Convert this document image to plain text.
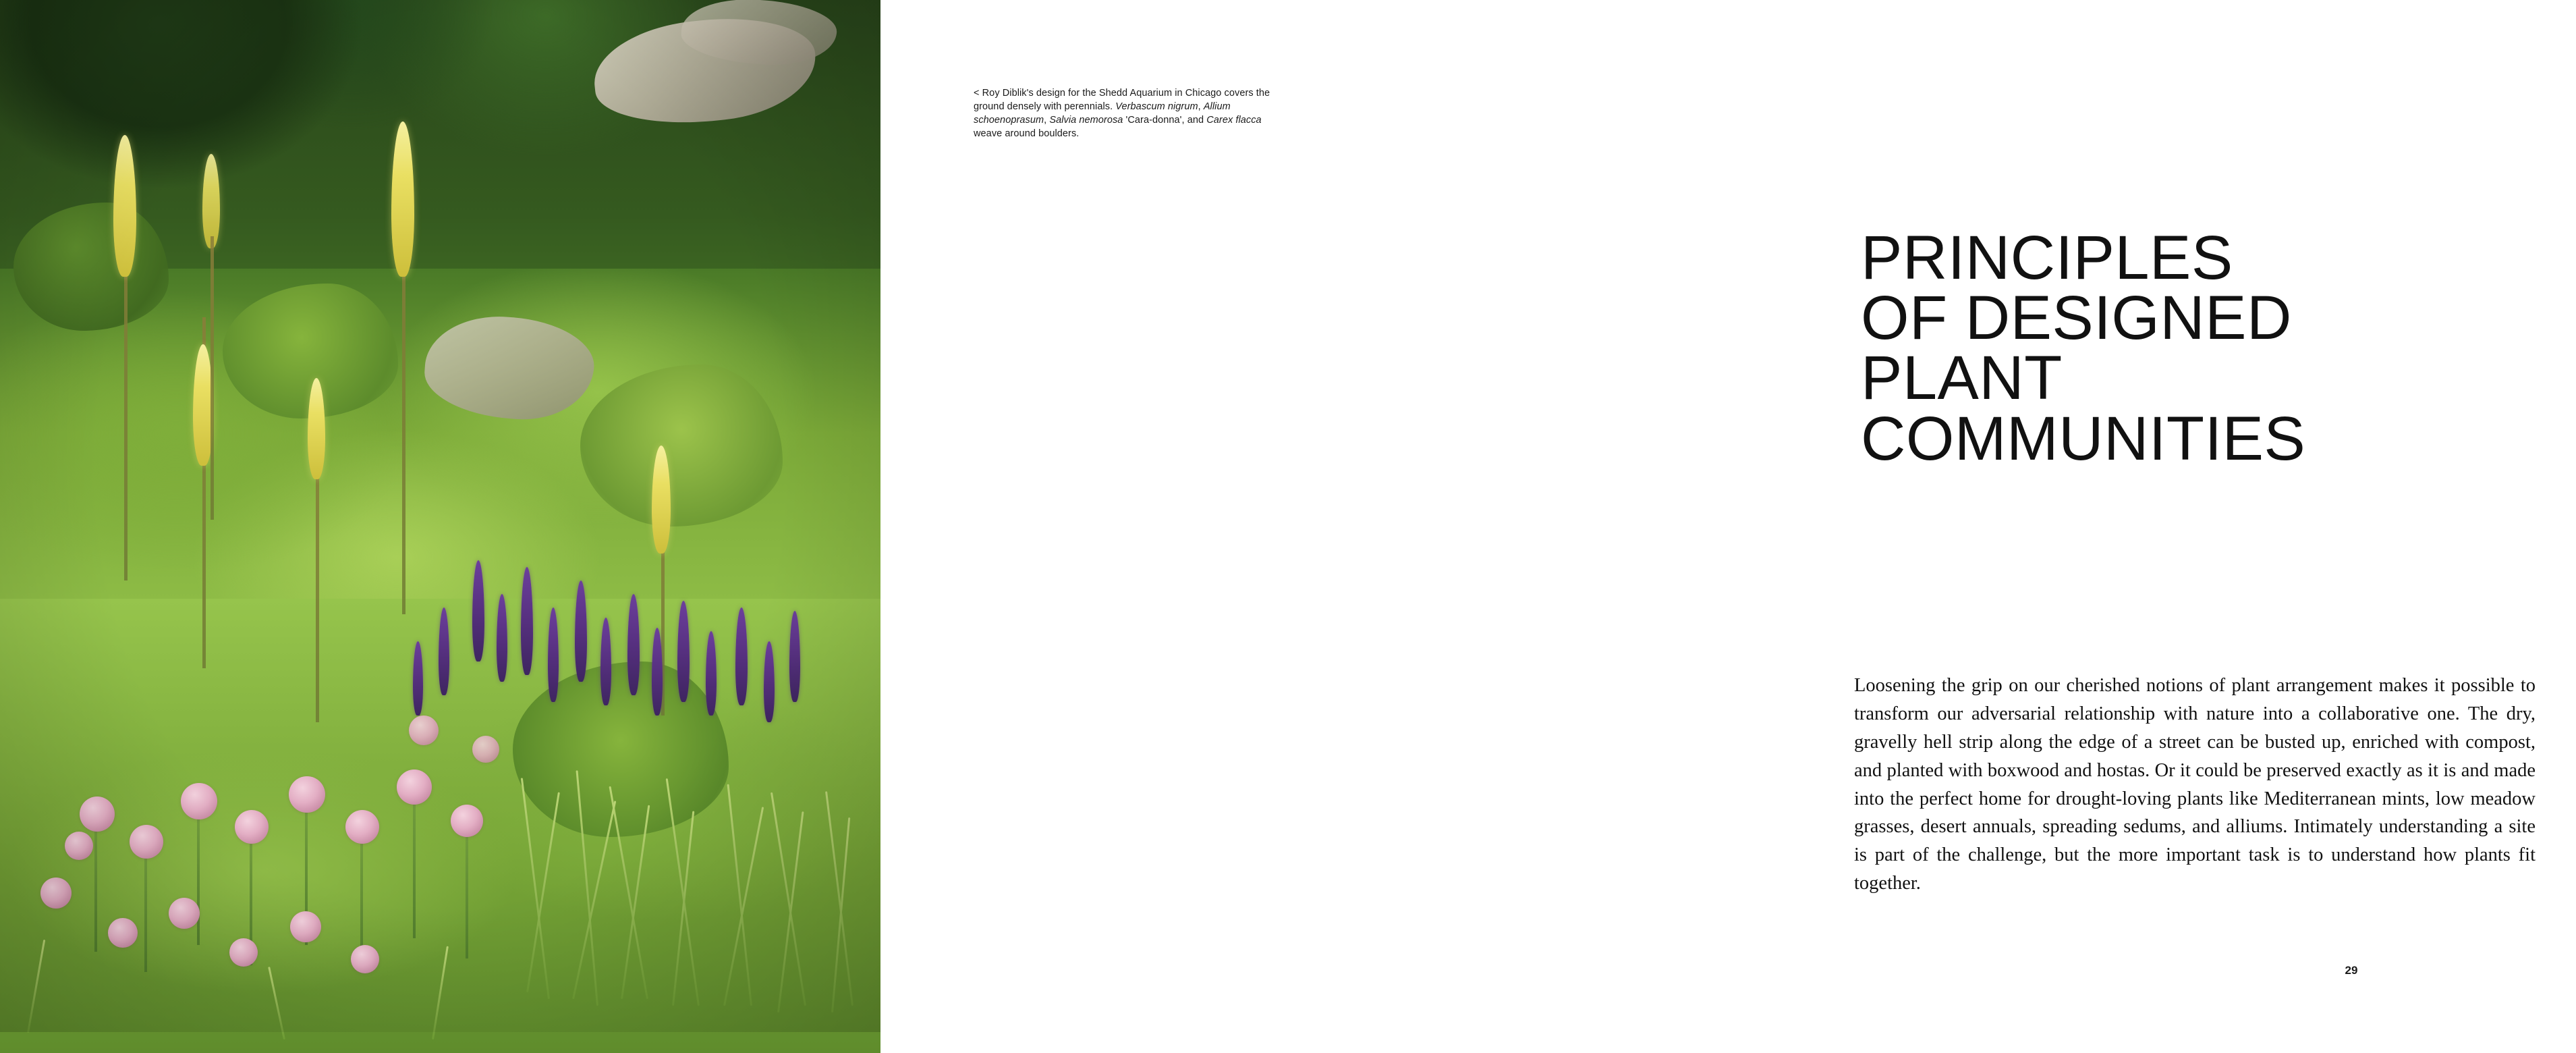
< Roy Diblik's design for the Shedd Aquarium in Chicago covers the ground densely with perennials. Verbascum nigrum, Allium schoenoprasum, Salvia nemorosa 'Cara-donna', and Carex flacca weave around boulders.
PRINCIPLES
OF DESIGNED
PLANT
COMMUNITIES
Loosening the grip on our cherished notions of plant arrangement makes it possible to transform our adversarial relationship with nature into a collaborative one. The dry, gravelly hell strip along the edge of a street can be busted up, enriched with compost, and planted with boxwood and hostas. Or it could be preserved exactly as it is and made into the perfect home for drought-loving plants like Mediterranean mints, low meadow grasses, desert annuals, spreading sedums, and alliums. Intimately understanding a site is part of the challenge, but the more important task is to understand how plants fit together.
29
